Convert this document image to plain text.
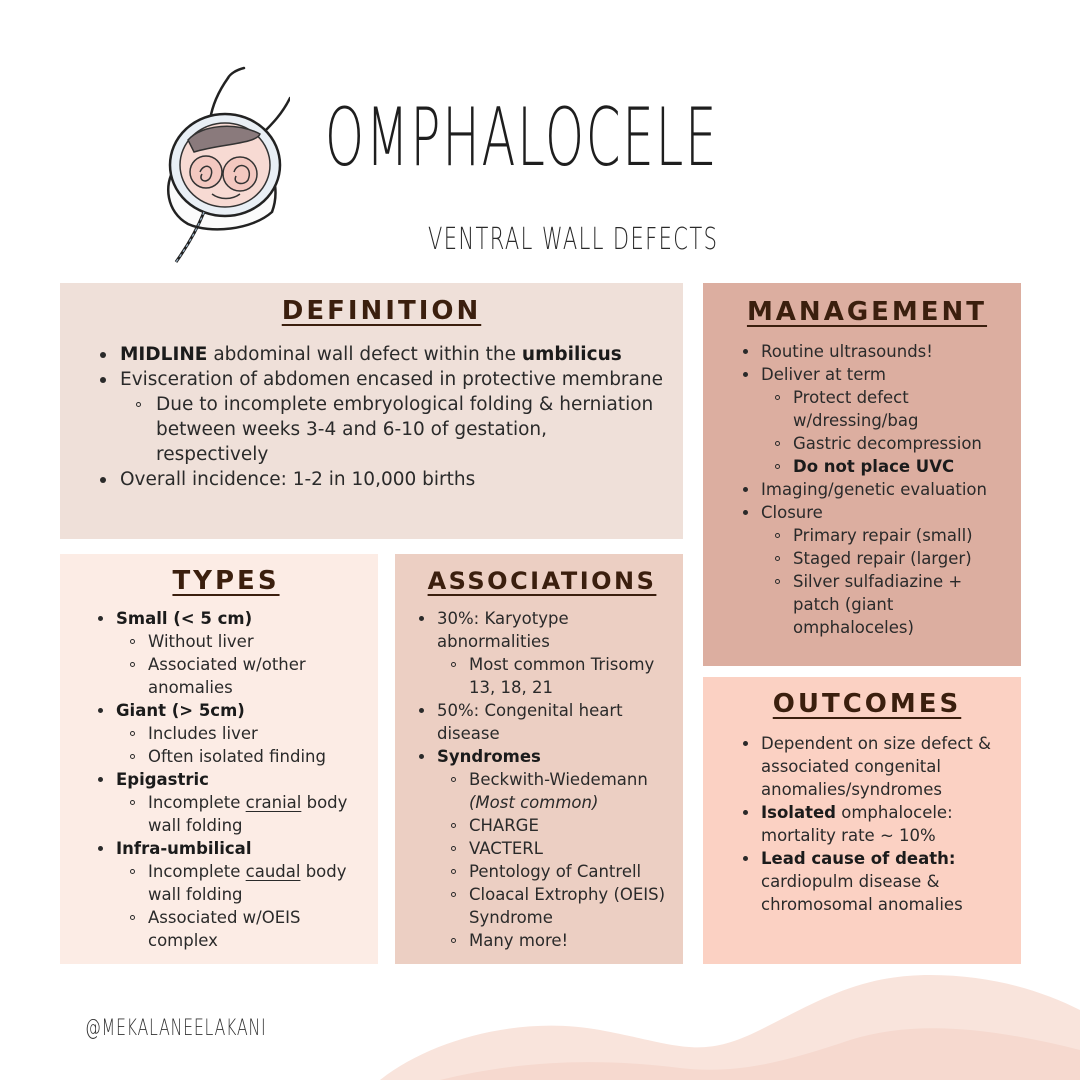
OMPHALOCELE

VENTRAL WALL DEFECTS

DEFINITION
MIDLINE abdominal wall defect within the umbilicus
Evisceration of abdomen encased in protective membrane
Due to incomplete embryological folding & herniation between weeks 3-4 and 6-10 of gestation, respectively
Overall incidence: 1-2 in 10,000 births
MANAGEMENT
Routine ultrasounds!
Deliver at term
Protect defect w/dressing/bag
Gastric decompression
Do not place UVC
Imaging/genetic evaluation
Closure
Primary repair (small)
Staged repair (larger)
Silver sulfadiazine + patch (giant omphaloceles)
TYPES
Small (< 5 cm)
Without liver
Associated w/other anomalies
Giant (> 5cm)
Includes liver
Often isolated finding
Epigastric
Incomplete cranial body wall folding
Infra-umbilical
Incomplete caudal body wall folding
Associated w/OEIS complex
ASSOCIATIONS
30%: Karyotype abnormalities
Most common Trisomy 13, 18, 21
50%: Congenital heart disease
Syndromes
Beckwith-Wiedemann
(Most common)
CHARGE
VACTERL
Pentology of Cantrell
Cloacal Extrophy (OEIS) Syndrome
Many more!
OUTCOMES
Dependent on size defect & associated congenital anomalies/syndromes
Isolated omphalocele: mortality rate ~ 10%
Lead cause of death: cardiopulm disease & chromosomal anomalies

@MEKALANEELAKANI
